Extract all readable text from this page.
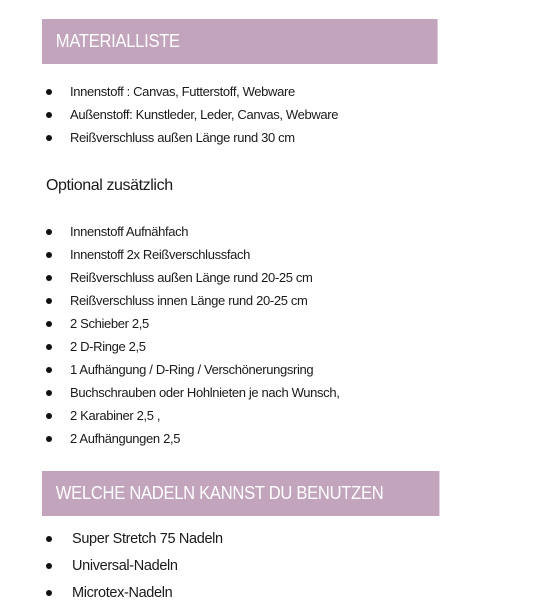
MATERIALLISTE
Innenstoff : Canvas, Futterstoff, Webware
Außenstoff: Kunstleder, Leder, Canvas, Webware
Reißverschluss außen Länge rund 30 cm
Optional zusätzlich
Innenstoff Aufnähfach
Innenstoff 2x Reißverschlussfach
Reißverschluss außen Länge rund 20-25 cm
Reißverschluss innen Länge rund 20-25 cm
2 Schieber 2,5
2 D-Ringe 2,5
1 Aufhängung / D-Ring / Verschönerungsring
Buchschrauben oder Hohlnieten je nach Wunsch,
2 Karabiner 2,5 ,
2 Aufhängungen 2,5
WELCHE NADELN KANNST DU BENUTZEN
Super Stretch 75 Nadeln
Universal-Nadeln
Microtex-Nadeln
